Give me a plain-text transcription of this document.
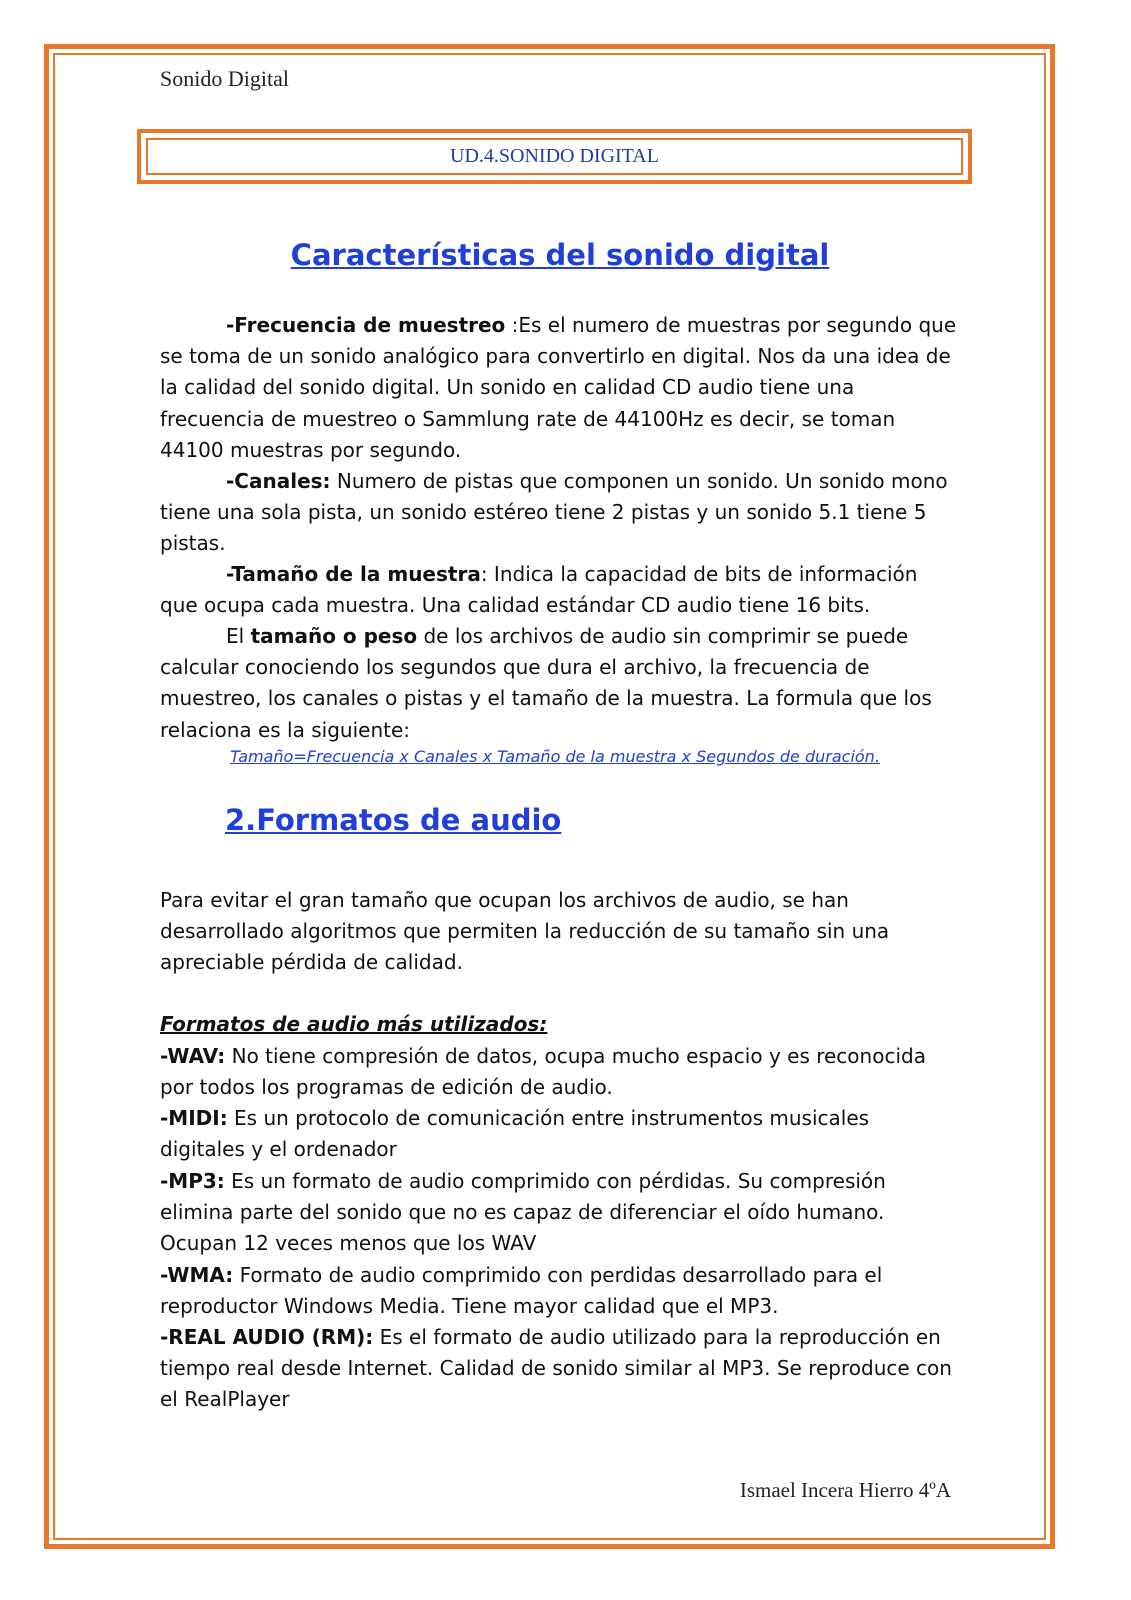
Sonido Digital
UD.4.SONIDO DIGITAL
Características del sonido digital

-Frecuencia de muestreo :Es el numero de muestras por segundo que se toma de un sonido analógico para convertirlo en digital. Nos da una idea de la calidad del sonido digital. Un sonido en calidad CD audio tiene una frecuencia de muestreo o Sammlung rate de 44100Hz es decir, se toman 44100 muestras por segundo.

-Canales: Numero de pistas que componen un sonido. Un sonido mono tiene una sola pista, un sonido estéreo tiene 2 pistas y un sonido 5.1 tiene 5 pistas.

-Tamaño de la muestra: Indica la capacidad de bits de información que ocupa cada muestra. Una calidad estándar CD audio tiene 16 bits.

El tamaño o peso de los archivos de audio sin comprimir se puede calcular conociendo los segundos que dura el archivo, la frecuencia de muestreo, los canales o pistas y el tamaño de la muestra. La formula que los relaciona es la siguiente:

Tamaño=Frecuencia x Canales x Tamaño de la muestra x Segundos de duración.

2.Formatos de audio

Para evitar el gran tamaño que ocupan los archivos de audio, se han desarrollado algoritmos que permiten la reducción de su tamaño sin una apreciable pérdida de calidad.

Formatos de audio más utilizados:

-WAV: No tiene compresión de datos, ocupa mucho espacio y es reconocida por todos los programas de edición de audio.

-MIDI: Es un protocolo de comunicación entre instrumentos musicales digitales y el ordenador

-MP3: Es un formato de audio comprimido con pérdidas. Su compresión elimina parte del sonido que no es capaz de diferenciar el oído humano. Ocupan 12 veces menos que los WAV

-WMA: Formato de audio comprimido con perdidas desarrollado para el reproductor Windows Media. Tiene mayor calidad que el MP3.

-REAL AUDIO (RM): Es el formato de audio utilizado para la reproducción en tiempo real desde Internet. Calidad de sonido similar al MP3. Se reproduce con el RealPlayer

Ismael Incera Hierro 4ºA
